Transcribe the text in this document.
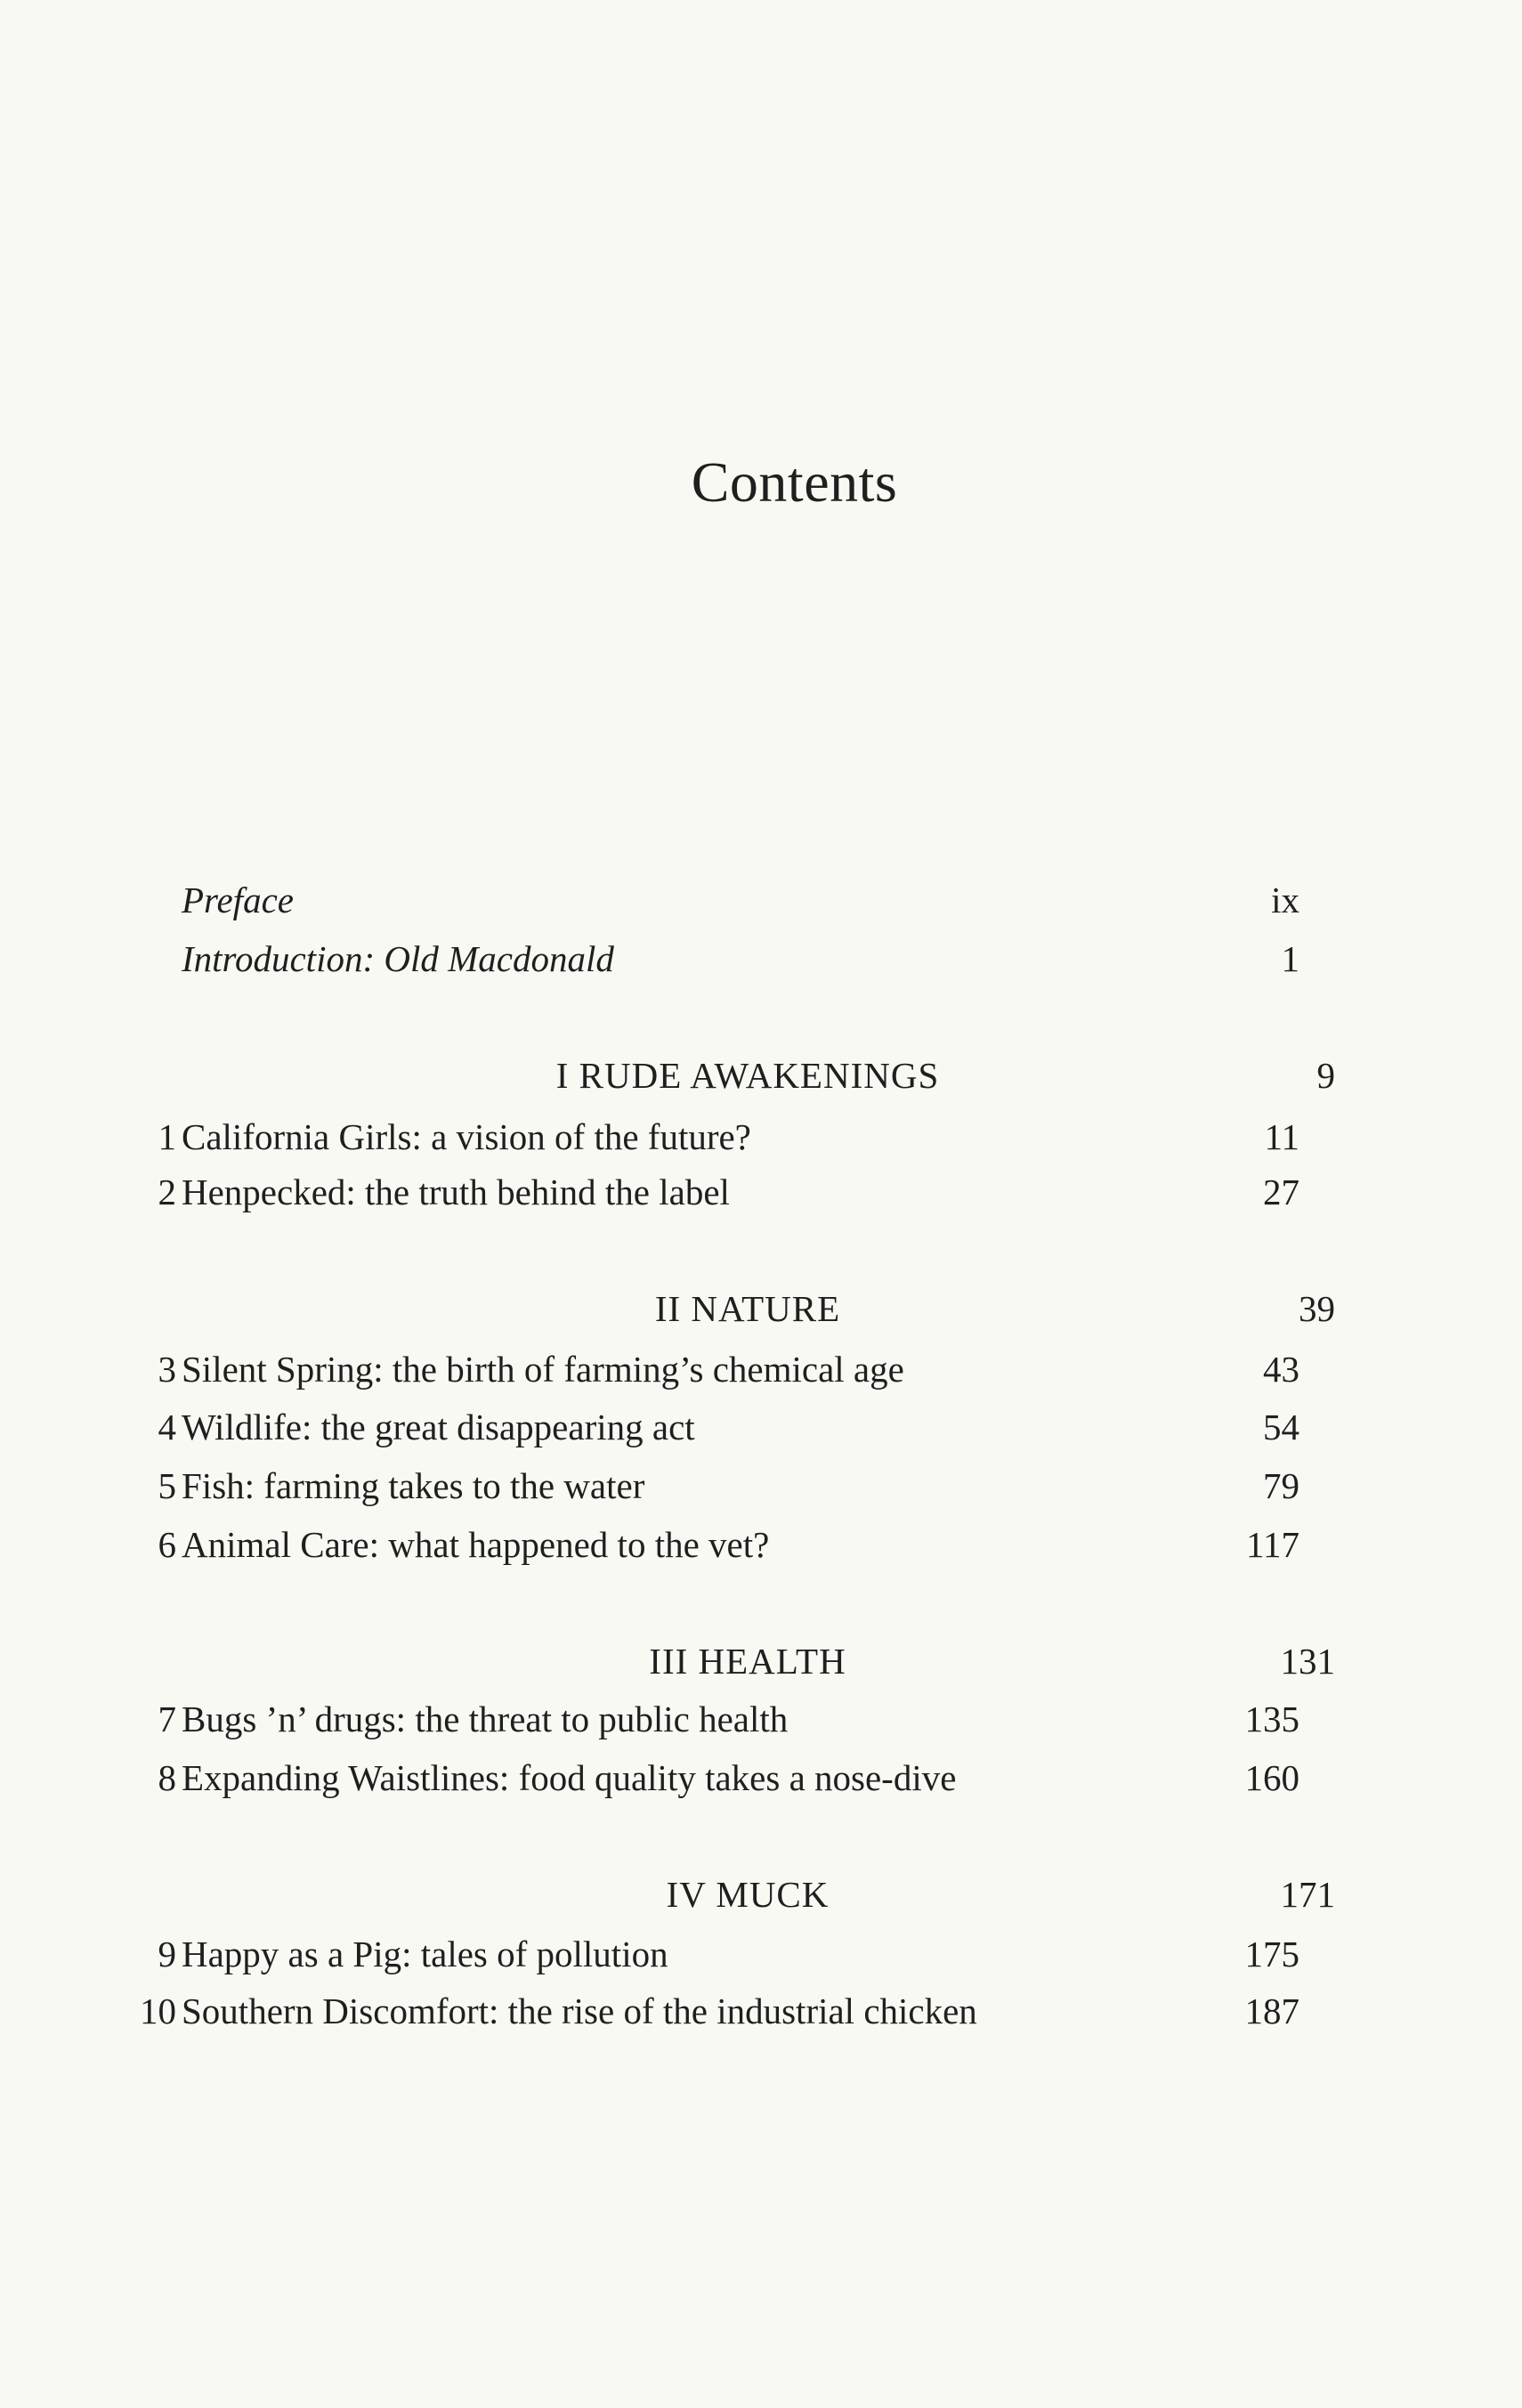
Contents
Preface	ix
Introduction: Old Macdonald	1
I RUDE AWAKENINGS	9
1 California Girls: a vision of the future?	11
2 Henpecked: the truth behind the label	27
II NATURE	39
3 Silent Spring: the birth of farming’s chemical age	43
4 Wildlife: the great disappearing act	54
5 Fish: farming takes to the water	79
6 Animal Care: what happened to the vet?	117
III HEALTH	131
7 Bugs ’n’ drugs: the threat to public health	135
8 Expanding Waistlines: food quality takes a nose-dive	160
IV MUCK	171
9 Happy as a Pig: tales of pollution	175
10 Southern Discomfort: the rise of the industrial chicken	187
